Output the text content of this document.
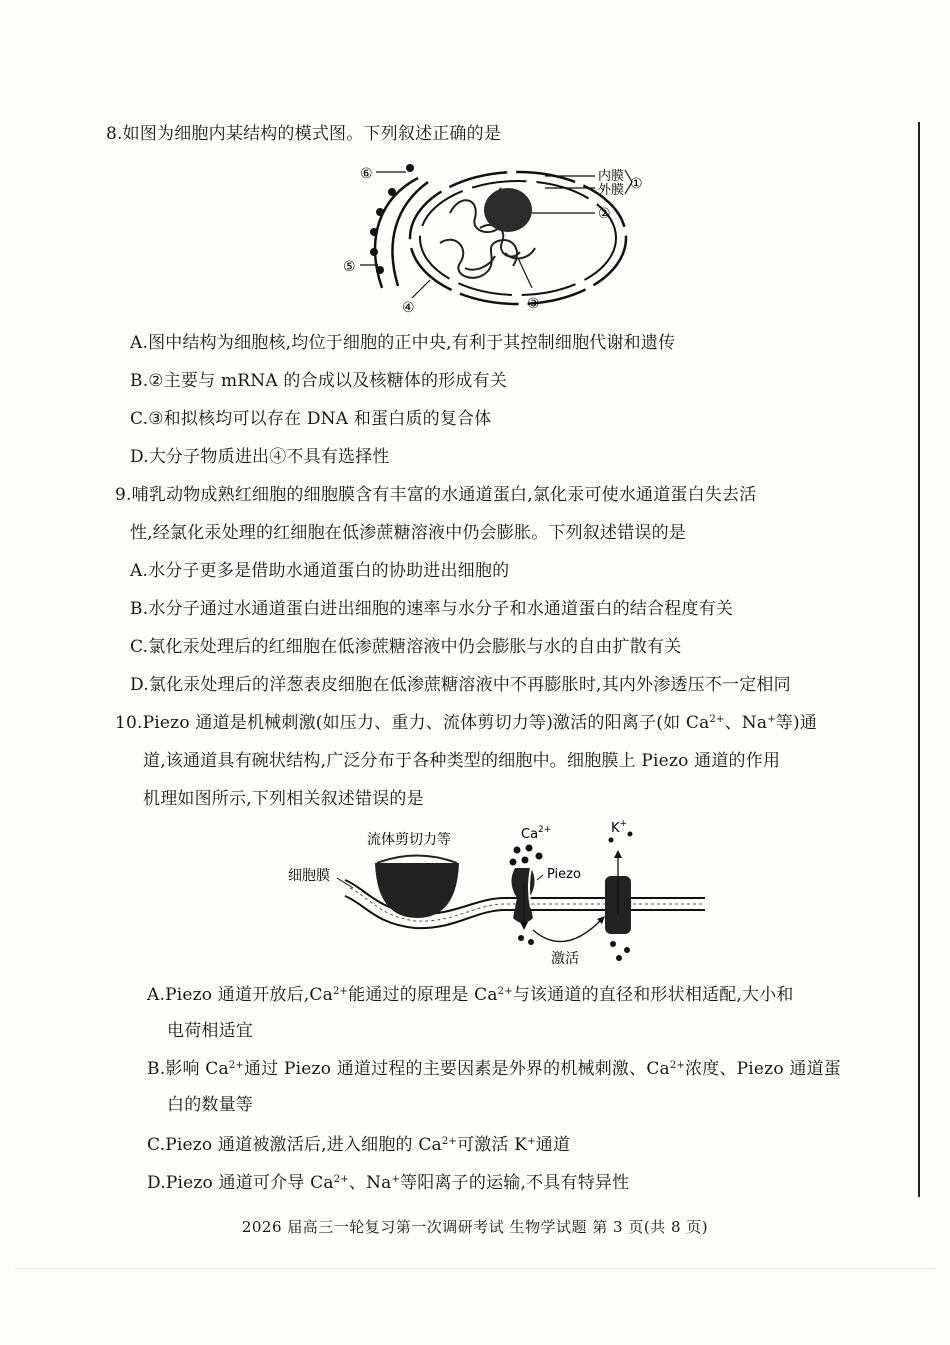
8.如图为细胞内某结构的模式图。下列叙述正确的是
内膜
外膜 ①
②
③
④
⑤
⑥
A.图中结构为细胞核,均位于细胞的正中央,有利于其控制细胞代谢和遗传
B.②主要与 mRNA 的合成以及核糖体的形成有关
C.③和拟核均可以存在 DNA 和蛋白质的复合体
D.大分子物质进出④不具有选择性
9.哺乳动物成熟红细胞的细胞膜含有丰富的水通道蛋白,氯化汞可使水通道蛋白失去活
性,经氯化汞处理的红细胞在低渗蔗糖溶液中仍会膨胀。下列叙述错误的是
A.水分子更多是借助水通道蛋白的协助进出细胞的
B.水分子通过水通道蛋白进出细胞的速率与水分子和水通道蛋白的结合程度有关
C.氯化汞处理后的红细胞在低渗蔗糖溶液中仍会膨胀与水的自由扩散有关
D.氯化汞处理后的洋葱表皮细胞在低渗蔗糖溶液中不再膨胀时,其内外渗透压不一定相同
10.Piezo 通道是机械刺激(如压力、重力、流体剪切力等)激活的阳离子(如 $Ca^{2+}$、Na+等)通
道,该通道具有碗状结构,广泛分布于各种类型的细胞中。细胞膜上 Piezo 通道的作用
机理如图所示,下列相关叙述错误的是
流体剪切力等
细胞膜
$Ca^{2+}$
Piezo
K+
激活
A.Piezo 通道开放后$,Ca^{2+}$能通过的原理是 $Ca^{2+}$与该通道的直径和形状相适配,大小和
电荷相适宜
B.影响 $Ca^{2+}$通过 Piezo 通道过程的主要因素是外界的机械刺激、$Ca^{2+}$浓度、Piezo 通道蛋
白的数量等
C.Piezo 通道被激活后,进入细胞的 $Ca^{2+}$可激活 K+通道
D.Piezo 通道可介导 $Ca^{2+}$、Na+等阳离子的运输,不具有特异性
2026 届高三一轮复习第一次调研考试 生物学试题 第 3 页(共 8 页)
